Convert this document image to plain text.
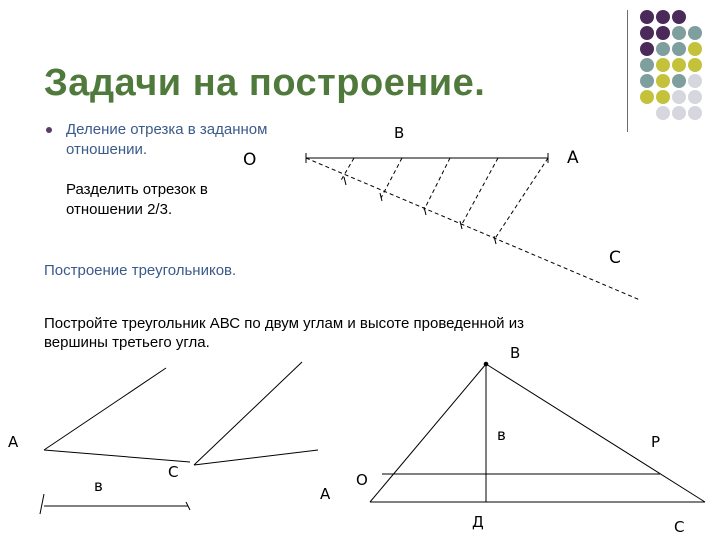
Задачи на построение.
Деление отрезка в заданном
отношении.
Разделить отрезок в
отношении 2/3.
Построение треугольников.
Постройте треугольник АВС по двум углам и высоте проведенной из
вершины третьего угла.
О
В
А
С
А
С
в	А
В
в
О
Р
Д	С
